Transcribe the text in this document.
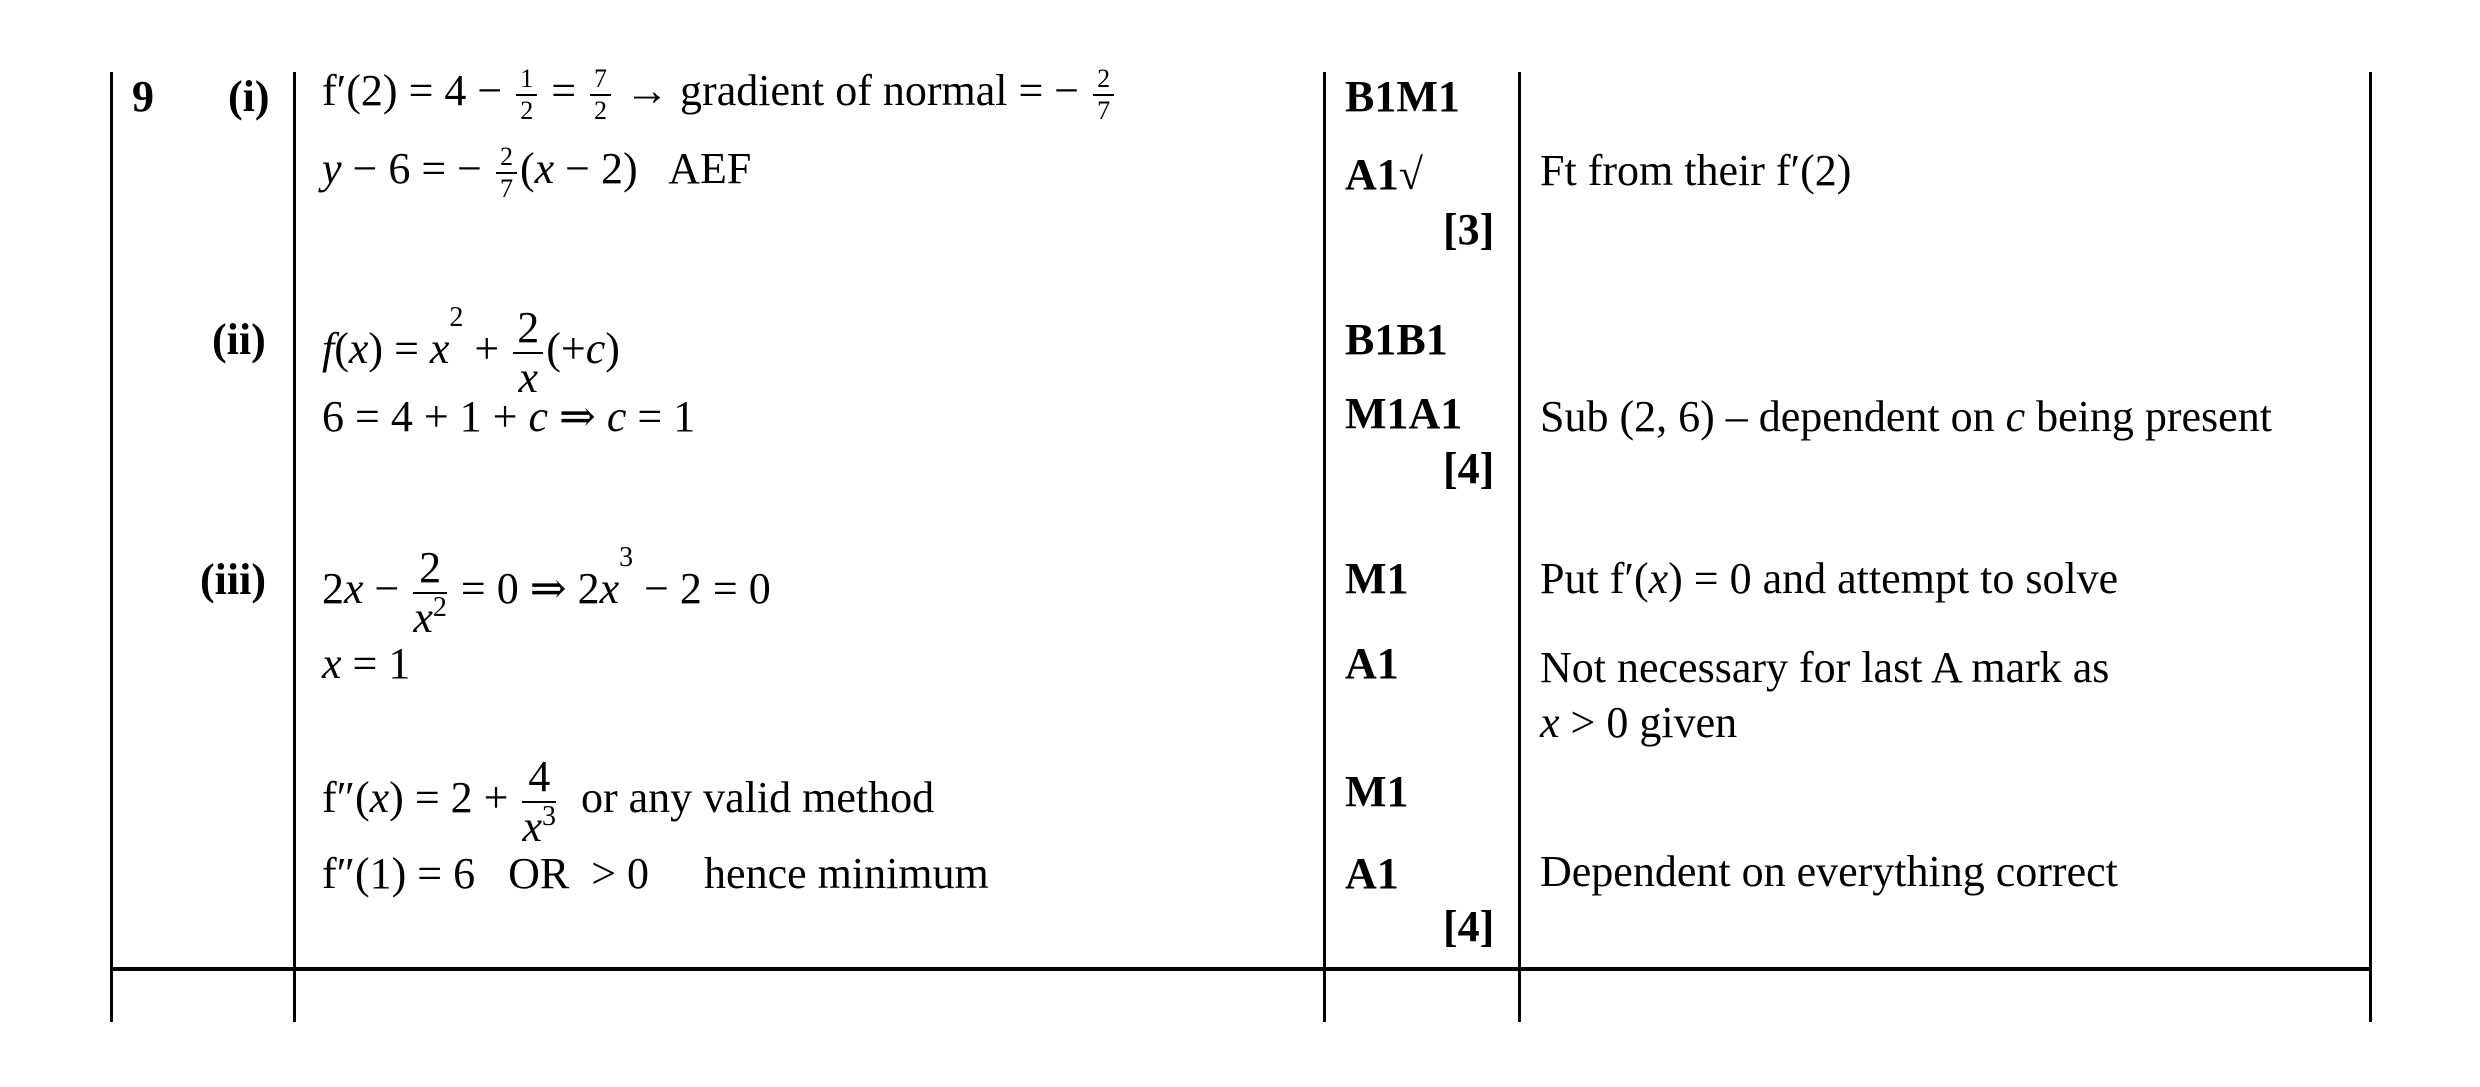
9 (i) $f'(2) = 4 - \frac{1}{2} = \frac{7}{2}$ → gradient of normal = − $\frac{2}{7}$
y − 6 = − $\frac{2}{7} (x - 2)$   AEF
B1M1
A1√
[3]
Ft from their f′(2)
(ii) $f(x) = x^2 + \frac{2}{x} (+c)$
6 = 4 + 1 + c ⇒ c = 1
B1B1
M1A1
[4]
Sub (2, 6) – dependent on c being present
(iii) $2x - \frac{2}{x^2} = 0$ ⇒ $2x^3 - 2 = 0$
x = 1
$f''(x) = 2 + \frac{4}{x^3}$ or any valid method
f″(1) = 6   OR  > 0     hence minimum
M1
A1
M1
A1
[4]
Put f′(x) = 0 and attempt to solve
Not necessary for last A mark as
x > 0 given
Dependent on everything correct
